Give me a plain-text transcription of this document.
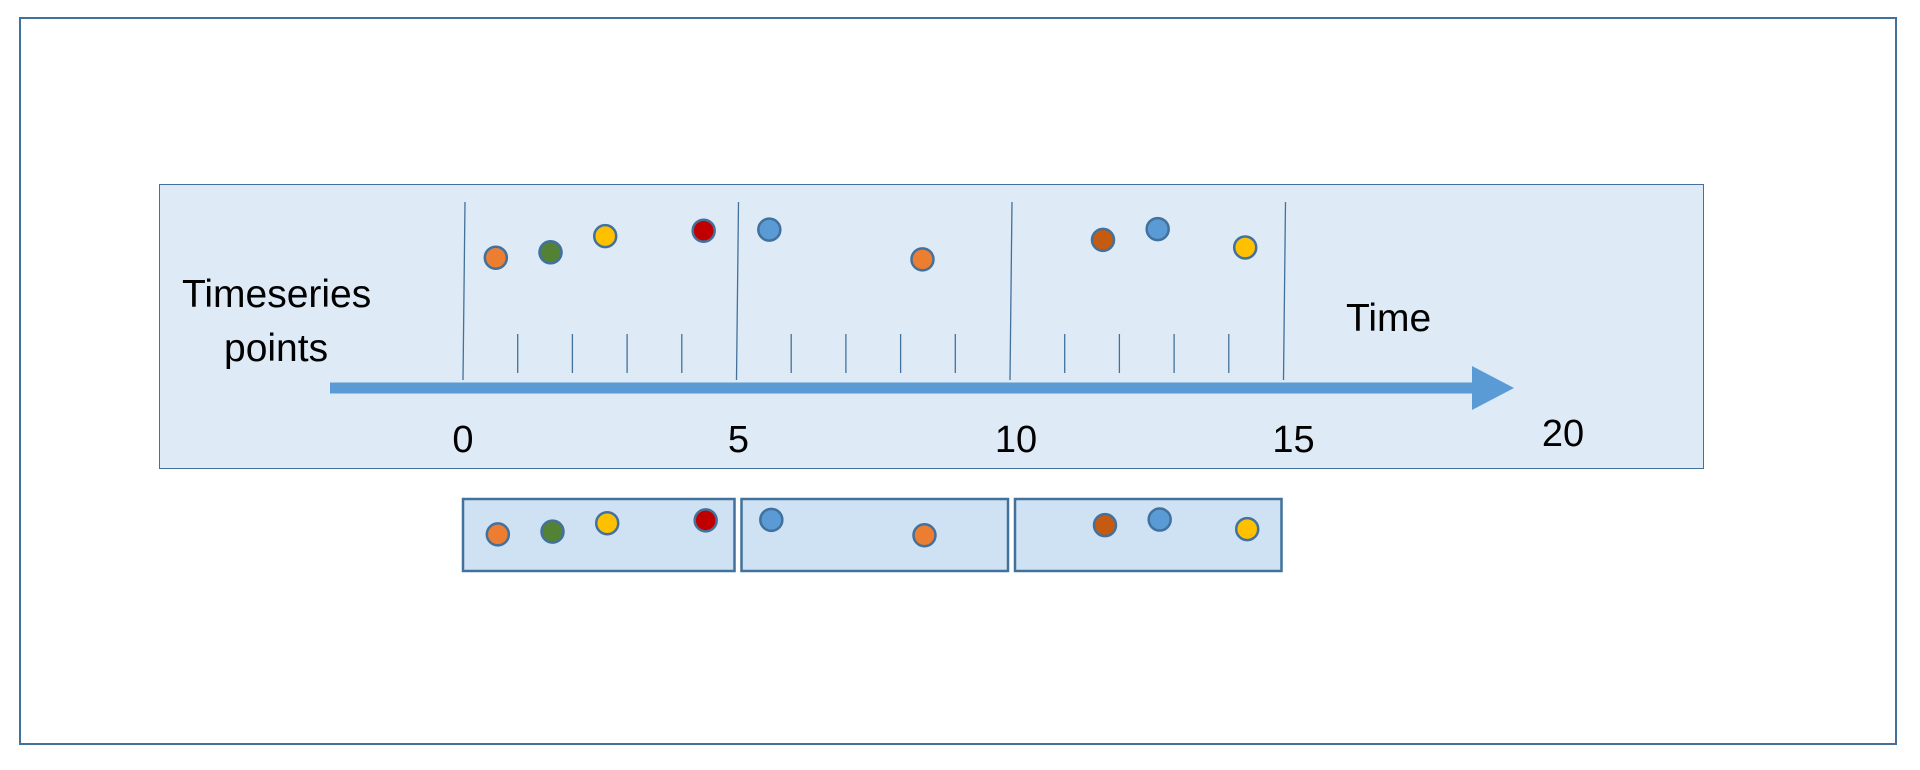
Timeseries
points
Time
0	5	10	15	20
